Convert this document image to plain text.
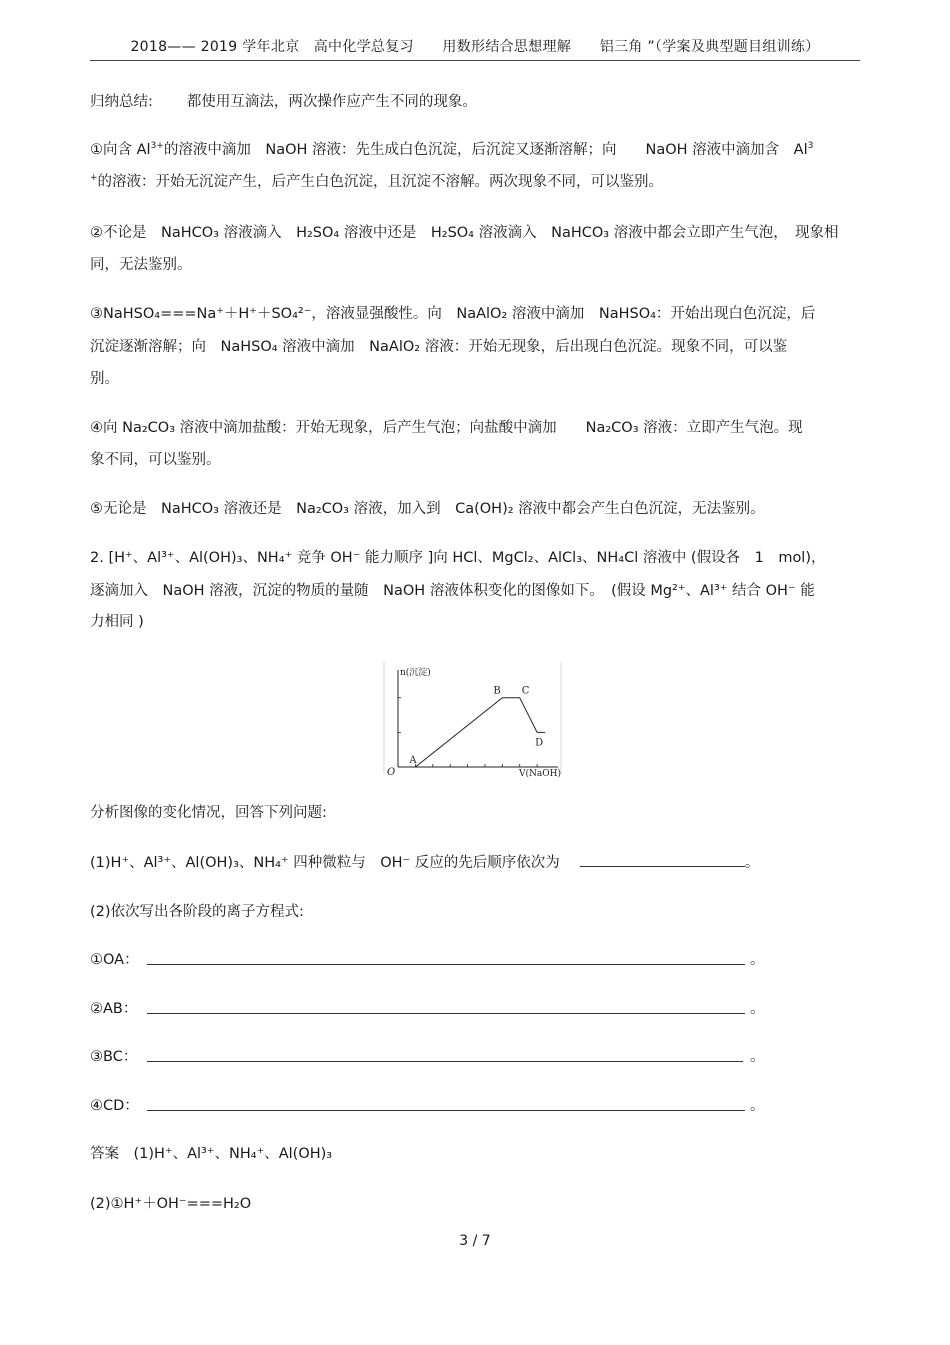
2018—— 2019 学年北京　高中化学总复习　　用数形结合思想理解　　铝三角 ”（学案及典型题目组训练）
归纳总结: 都使用互滴法，两次操作应产生不同的现象。
①向含 $Al^{3+}$的溶液中滴加　NaOH 溶液：先生成白色沉淀，后沉淀又逐渐溶解；向　　NaOH 溶液中滴加含　Al$^3$
+的溶液：开始无沉淀产生，后产生白色沉淀，且沉淀不溶解。两次现象不同，可以鉴别。
②不论是　NaHCO₃ 溶液滴入　H₂SO₄ 溶液中还是　H₂SO₄ 溶液滴入　NaHCO₃ 溶液中都会立即产生气泡，　现象相
同，无法鉴别。
③NaHSO₄===Na⁺＋H⁺＋SO₄²⁻，溶液显强酸性。向　NaAlO₂ 溶液中滴加　NaHSO₄：开始出现白色沉淀，后
沉淀逐渐溶解；向　NaHSO₄ 溶液中滴加　NaAlO₂ 溶液：开始无现象，后出现白色沉淀。现象不同，可以鉴
别。
④向 Na₂CO₃ 溶液中滴加盐酸：开始无现象，后产生气泡；向盐酸中滴加　　Na₂CO₃ 溶液：立即产生气泡。现
象不同，可以鉴别。
⑤无论是　NaHCO₃ 溶液还是　Na₂CO₃ 溶液，加入到　Ca(OH)₂ 溶液中都会产生白色沉淀，无法鉴别。
2. [H⁺、Al³⁺、Al(OH)₃、NH₄⁺ 竞争 OH⁻ 能力顺序 ]向 HCl、MgCl₂、AlCl₃、NH₄Cl 溶液中 (假设各　1　mol)，
逐滴加入　NaOH 溶液，沉淀的物质的量随　NaOH 溶液体积变化的图像如下。　(假设 Mg²⁺、Al³⁺ 结合 OH⁻ 能
力相同 )
n(沉淀)
V(NaOH)
O
A
B C
D
分析图像的变化情况，回答下列问题:
(1)H⁺、Al³⁺、Al(OH)₃、NH₄⁺ 四种微粒与　OH⁻ 反应的先后顺序依次为	。
(2)依次写出各阶段的离子方程式:
①OA：	。
②AB：	。
③BC：	。
④CD：	。
答案　(1)H⁺、Al³⁺、NH₄⁺、Al(OH)₃
(2)①H⁺＋OH⁻===H₂O
3 / 7
